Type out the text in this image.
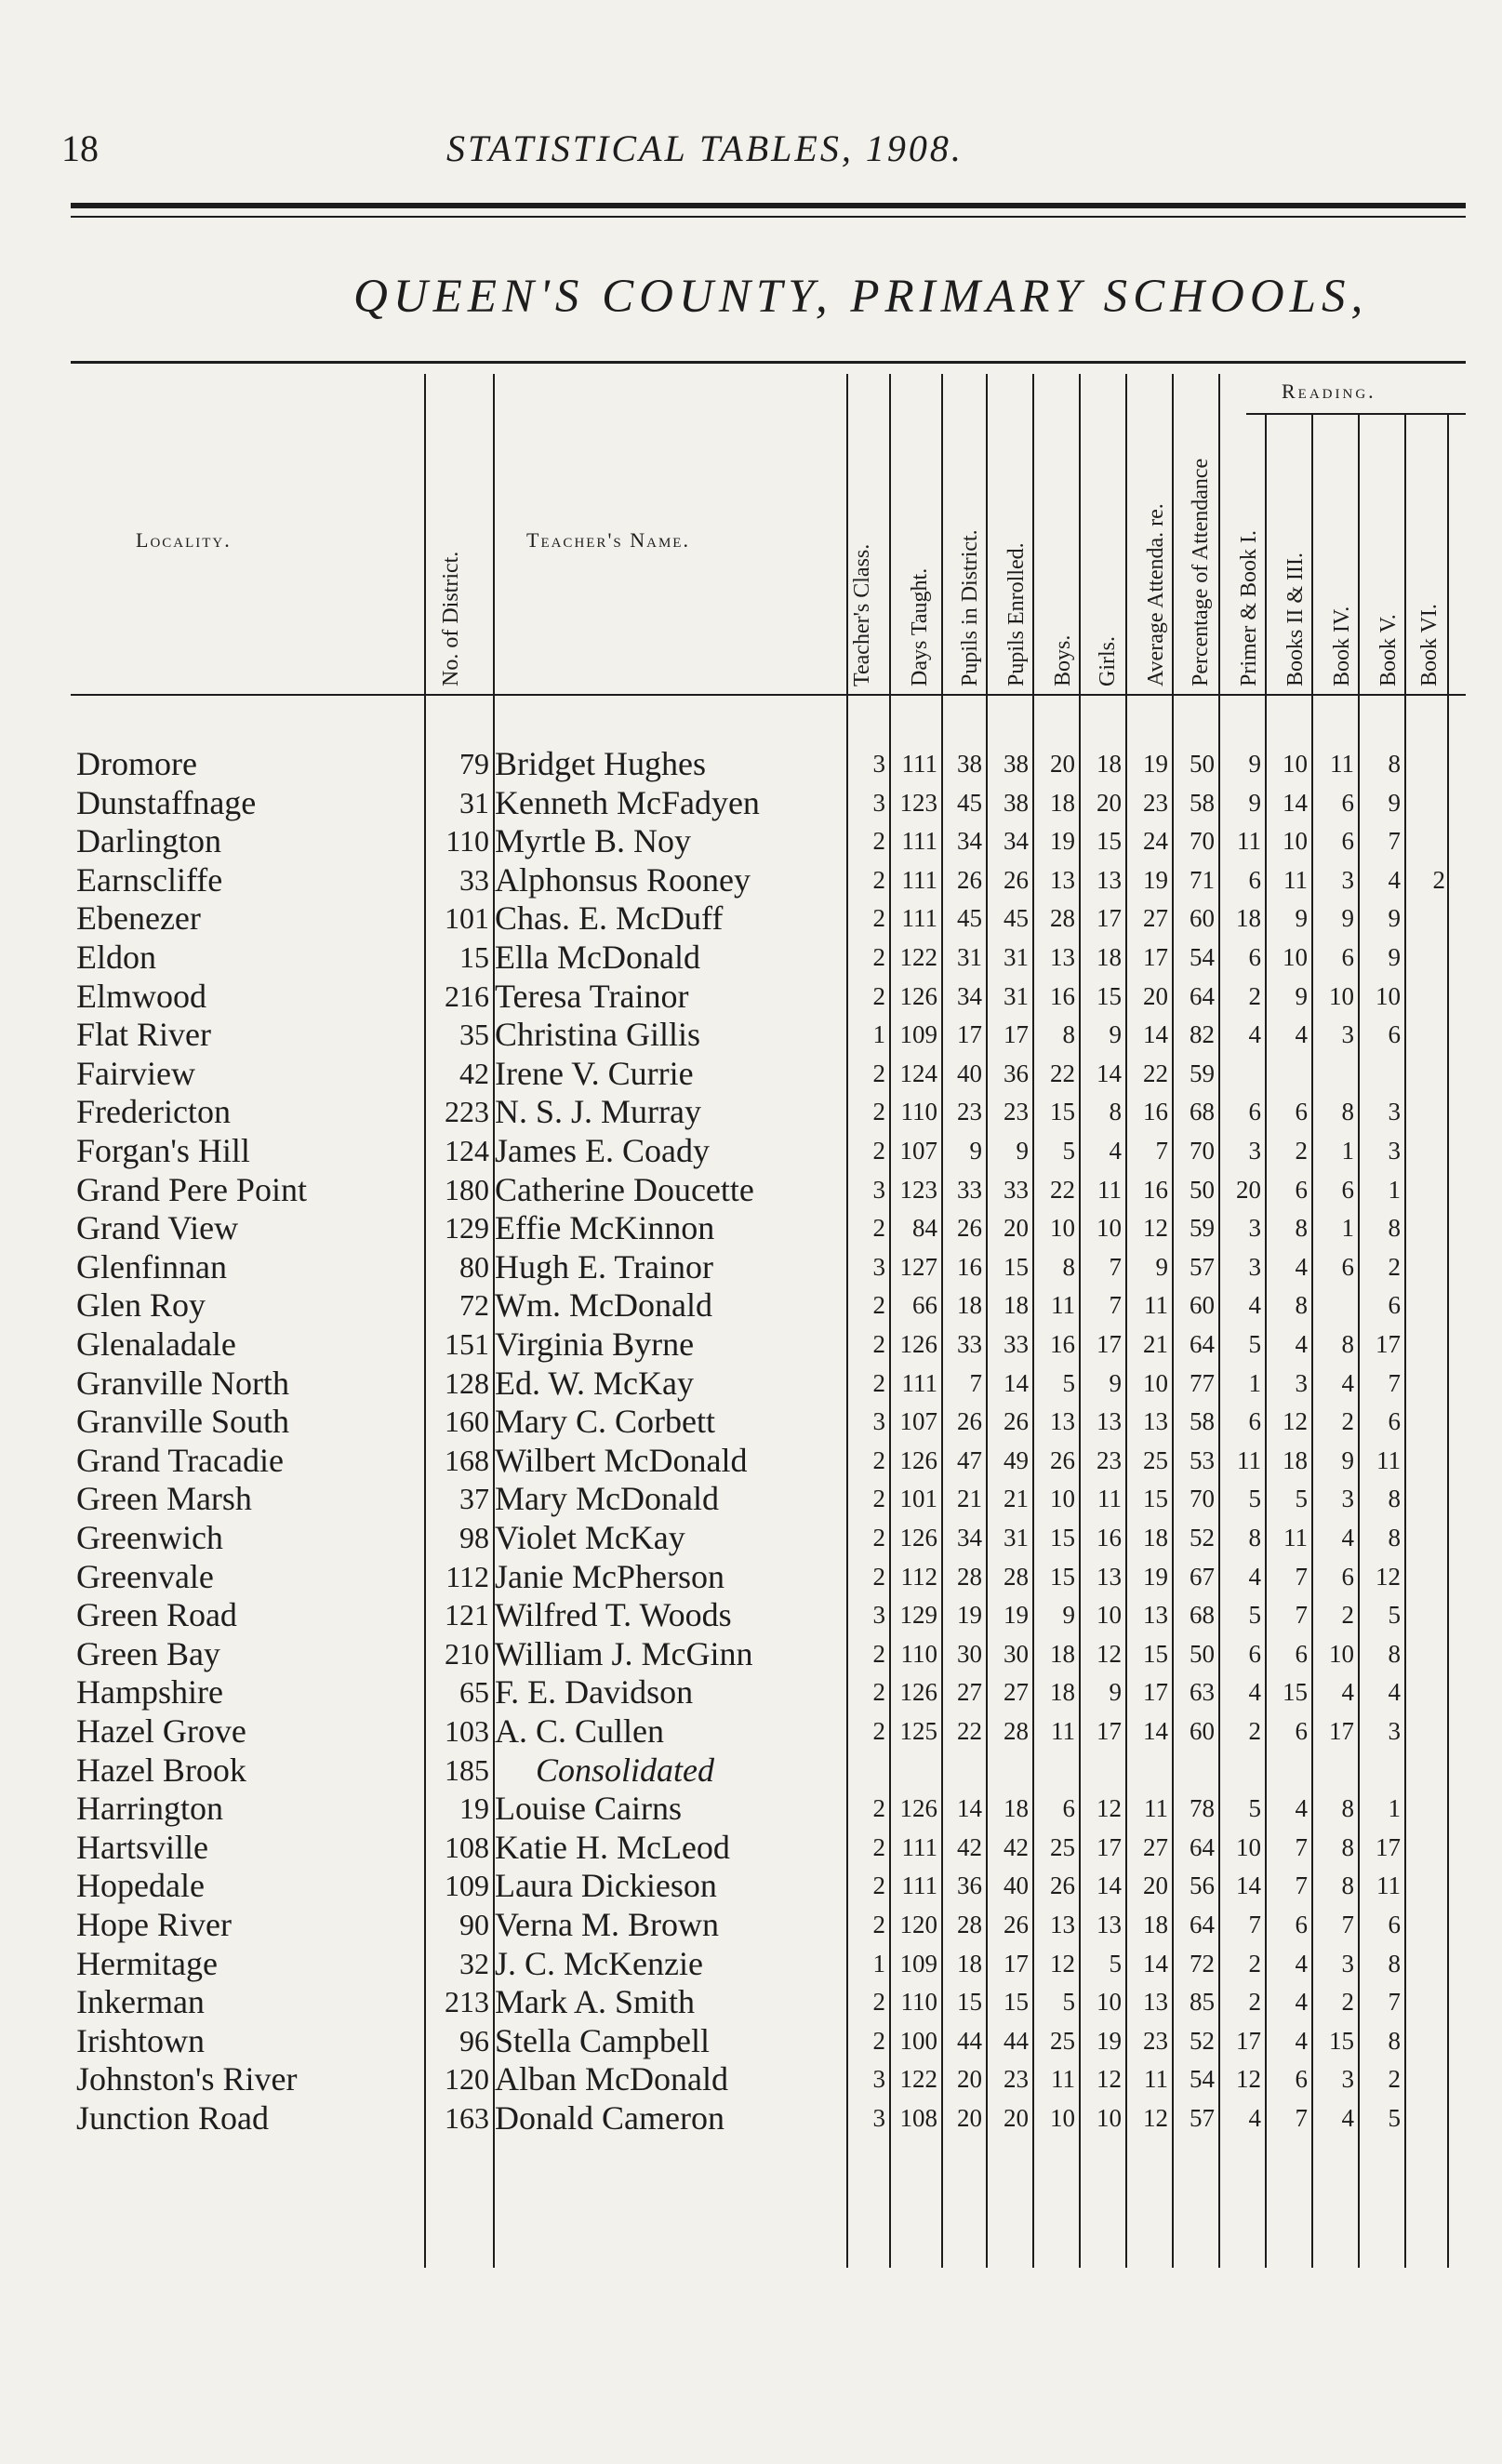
18	STATISTICAL TABLES, 1908.
QUEEN'S COUNTY, PRIMARY SCHOOLS,
Locality.	Teacher's Name.
Reading.
No. of District.	Teacher's Class. Days Taught. Pupils in District. Pupils Enrolled. Boys. Girls. Average Attenda. re. Percentage of Attendance Primer & Book I. Books II & III. Book IV. Book V. Book VI.
Dromore	79 Bridget Hughes	3 111 38 38 20 18 19 50 9 10 11 8
Dunstaffnage	31 Kenneth McFadyen	3 123 45 38 18 20 23 58 9 14 6 9
Darlington	110 Myrtle B. Noy	2 111 34 34 19 15 24 70 11 10 6 7
Earnscliffe	33 Alphonsus Rooney	2 111 26 26 13 13 19 71 6 11 3 4 2
Ebenezer	101 Chas. E. McDuff	2 111 45 45 28 17 27 60 18 9 9 9
Eldon	15 Ella McDonald	2 122 31 31 13 18 17 54 6 10 6 9
Elmwood	216 Teresa Trainor	2 126 34 31 16 15 20 64 2 9 10 10
Flat River	35 Christina Gillis	1 109 17 17 8 9 14 82 4 4 3 6
Fairview	42 Irene V. Currie	2 124 40 36 22 14 22 59
Fredericton	223 N. S. J. Murray	2 110 23 23 15 8 16 68 6 6 8 3
Forgan's Hill	124 James E. Coady	2 107 9 9 5 4 7 70 3 2 1 3
Grand Pere Point	180 Catherine Doucette	3 123 33 33 22 11 16 50 20 6 6 1
Grand View	129 Effie McKinnon	2 84 26 20 10 10 12 59 3 8 1 8
Glenfinnan	80 Hugh E. Trainor	3 127 16 15 8 7 9 57 3 4 6 2
Glen Roy	72 Wm. McDonald	2 66 18 18 11 7 11 60 4 8	6
Glenaladale	151 Virginia Byrne	2 126 33 33 16 17 21 64 5 4 8 17
Granville North	128 Ed. W. McKay	2 111 7 14 5 9 10 77 1 3 4 7
Granville South	160 Mary C. Corbett	3 107 26 26 13 13 13 58 6 12 2 6
Grand Tracadie	168 Wilbert McDonald	2 126 47 49 26 23 25 53 11 18 9 11
Green Marsh	37 Mary McDonald	2 101 21 21 10 11 15 70 5 5 3 8
Greenwich	98 Violet McKay	2 126 34 31 15 16 18 52 8 11 4 8
Greenvale	112 Janie McPherson	2 112 28 28 15 13 19 67 4 7 6 12
Green Road	121 Wilfred T. Woods	3 129 19 19 9 10 13 68 5 7 2 5
Green Bay	210 William J. McGinn	2 110 30 30 18 12 15 50 6 6 10 8
Hampshire	65 F. E. Davidson	2 126 27 27 18 9 17 63 4 15 4 4
Hazel Grove	103 A. C. Cullen	2 125 22 28 11 17 14 60 2 6 17 3
Hazel Brook	185 Consolidated
Harrington	19 Louise Cairns	2 126 14 18 6 12 11 78 5 4 8 1
Hartsville	108 Katie H. McLeod	2 111 42 42 25 17 27 64 10 7 8 17
Hopedale	109 Laura Dickieson	2 111 36 40 26 14 20 56 14 7 8 11
Hope River	90 Verna M. Brown	2 120 28 26 13 13 18 64 7 6 7 6
Hermitage	32 J. C. McKenzie	1 109 18 17 12 5 14 72 2 4 3 8
Inkerman	213 Mark A. Smith	2 110 15 15 5 10 13 85 2 4 2 7
Irishtown	96 Stella Campbell	2 100 44 44 25 19 23 52 17 4 15 8
Johnston's River	120 Alban McDonald	3 122 20 23 11 12 11 54 12 6 3 2
Junction Road	163 Donald Cameron	3 108 20 20 10 10 12 57 4 7 4 5
